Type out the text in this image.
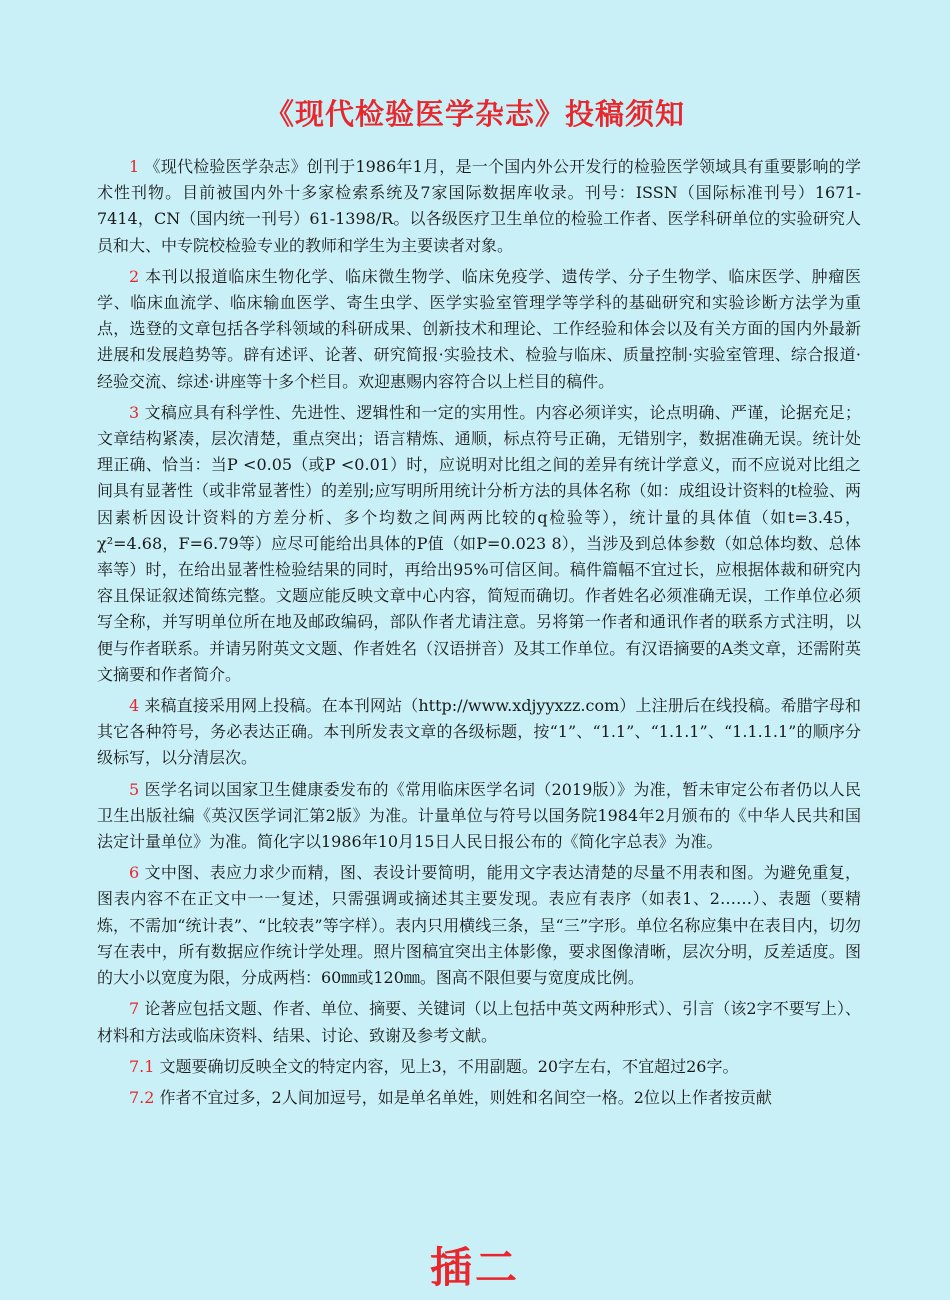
《现代检验医学杂志》投稿须知

1 《现代检验医学杂志》创刊于1986年1月，是一个国内外公开发行的检验医学领域具有重要影响的学术性刊物。目前被国内外十多家检索系统及7家国际数据库收录。刊号：ISSN（国际标准刊号）1671-7414，CN（国内统一刊号）61-1398/R。以各级医疗卫生单位的检验工作者、医学科研单位的实验研究人员和大、中专院校检验专业的教师和学生为主要读者对象。

2 本刊以报道临床生物化学、临床微生物学、临床免疫学、遗传学、分子生物学、临床医学、肿瘤医学、临床血流学、临床输血医学、寄生虫学、医学实验室管理学等学科的基础研究和实验诊断方法学为重点，选登的文章包括各学科领域的科研成果、创新技术和理论、工作经验和体会以及有关方面的国内外最新进展和发展趋势等。辟有述评、论著、研究简报·实验技术、检验与临床、质量控制·实验室管理、综合报道·经验交流、综述·讲座等十多个栏目。欢迎惠赐内容符合以上栏目的稿件。

3 文稿应具有科学性、先进性、逻辑性和一定的实用性。内容必须详实，论点明确、严谨，论据充足；文章结构紧凑，层次清楚，重点突出；语言精炼、通顺，标点符号正确，无错别字，数据准确无误。统计处理正确、恰当：当P <0.05（或P <0.01）时，应说明对比组之间的差异有统计学意义，而不应说对比组之间具有显著性（或非常显著性）的差别;应写明所用统计分析方法的具体名称（如：成组设计资料的t检验、两因素析因设计资料的方差分析、多个均数之间两两比较的q检验等），统计量的具体值（如t=3.45，χ²=4.68，F=6.79等）应尽可能给出具体的P值（如P=0.023 8），当涉及到总体参数（如总体均数、总体率等）时，在给出显著性检验结果的同时，再给出95%可信区间。稿件篇幅不宜过长，应根据体裁和研究内容且保证叙述简练完整。文题应能反映文章中心内容，简短而确切。作者姓名必须准确无误，工作单位必须写全称，并写明单位所在地及邮政编码，部队作者尤请注意。另将第一作者和通讯作者的联系方式注明，以便与作者联系。并请另附英文文题、作者姓名（汉语拼音）及其工作单位。有汉语摘要的A类文章，还需附英文摘要和作者简介。

4 来稿直接采用网上投稿。在本刊网站（http://www.xdjyyxzz.com）上注册后在线投稿。希腊字母和其它各种符号，务必表达正确。本刊所发表文章的各级标题，按“1”、“1.1”、“1.1.1”、“1.1.1.1”的顺序分级标写，以分清层次。

5 医学名词以国家卫生健康委发布的《常用临床医学名词（2019版）》为准，暂未审定公布者仍以人民卫生出版社编《英汉医学词汇第2版》为准。计量单位与符号以国务院1984年2月颁布的《中华人民共和国法定计量单位》为准。简化字以1986年10月15日人民日报公布的《简化字总表》为准。

6 文中图、表应力求少而精，图、表设计要简明，能用文字表达清楚的尽量不用表和图。为避免重复，图表内容不在正文中一一复述，只需强调或摘述其主要发现。表应有表序（如表1、2……）、表题（要精炼，不需加“统计表”、“比较表”等字样）。表内只用横线三条，呈“三”字形。单位名称应集中在表目内，切勿写在表中，所有数据应作统计学处理。照片图稿宜突出主体影像，要求图像清晰，层次分明，反差适度。图的大小以宽度为限，分成两档：60㎜或120㎜。图高不限但要与宽度成比例。

7 论著应包括文题、作者、单位、摘要、关键词（以上包括中英文两种形式）、引言（该2字不要写上）、材料和方法或临床资料、结果、讨论、致谢及参考文献。

7.1 文题要确切反映全文的特定内容，见上3，不用副题。20字左右，不宜超过26字。

7.2 作者不宜过多，2人间加逗号，如是单名单姓，则姓和名间空一格。2位以上作者按贡献

插二
